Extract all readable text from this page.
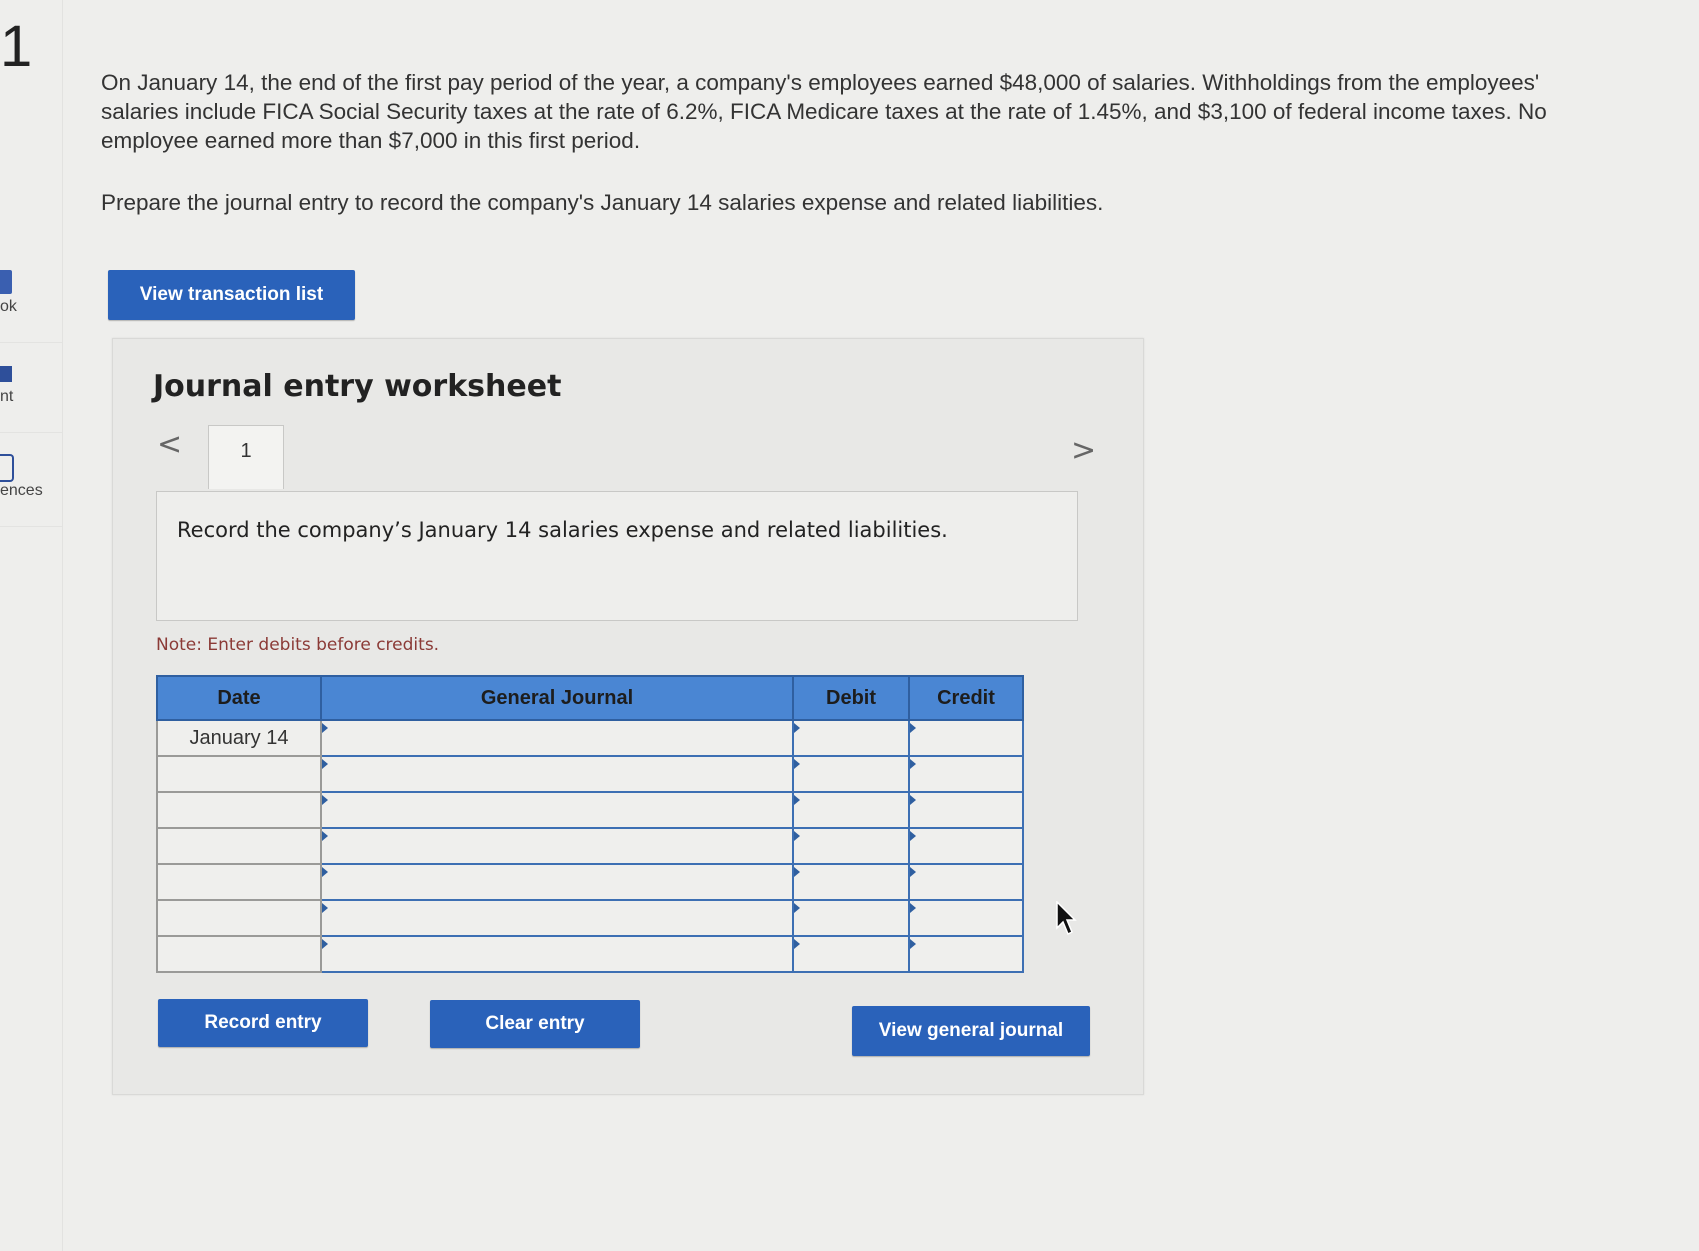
1
ok
nt
ences

On January 14, the end of the first pay period of the year, a company's employees earned $48,000 of salaries. Withholdings from the employees' salaries include FICA Social Security taxes at the rate of 6.2%, FICA Medicare taxes at the rate of 1.45%, and $3,100 of federal income taxes. No employee earned more than $7,000 in this first period.

Prepare the journal entry to record the company's January 14 salaries expense and related liabilities.

View transaction list
Journal entry worksheet
<	1	>
Record the company’s January 14 salaries expense and related liabilities.
Note: Enter debits before credits.
Date	General Journal	Debit	Credit
January 14	

Record entry	Clear entry	View general journal
